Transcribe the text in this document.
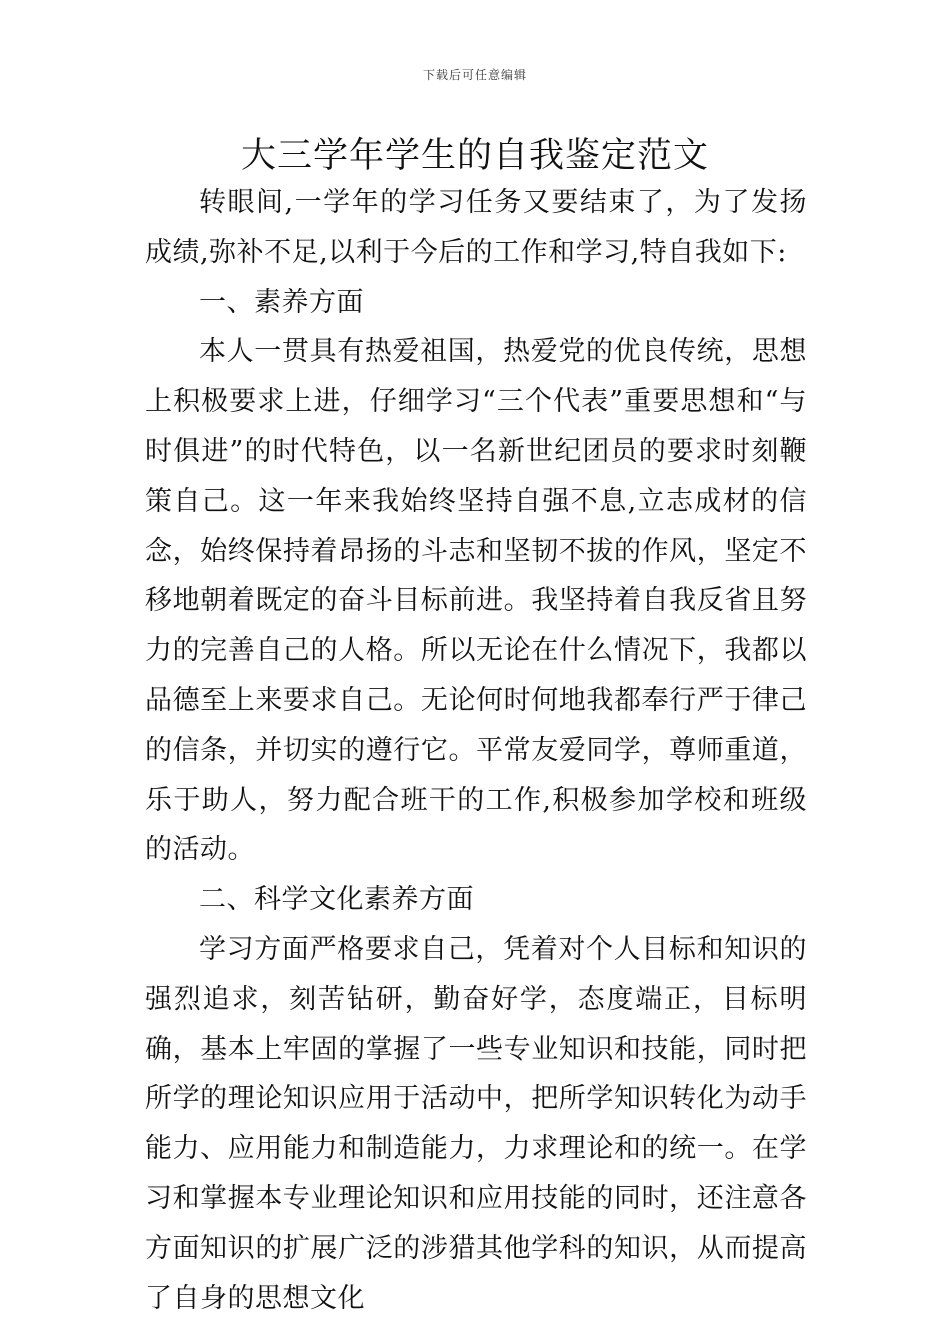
下载后可任意编辑
大三学年学生的自我鉴定范文

转眼间,一学年的学习任务又要结束了，为了发扬成绩,弥补不足,以利于今后的工作和学习,特自我如下:

一、素养方面

本人一贯具有热爱祖国，热爱党的优良传统，思想上积极要求上进，仔细学习“三个代表”重要思想和“与时俱进”的时代特色，以一名新世纪团员的要求时刻鞭策自己。这一年来我始终坚持自强不息,立志成材的信念，始终保持着昂扬的斗志和坚韧不拔的作风，坚定不移地朝着既定的奋斗目标前进。我坚持着自我反省且努力的完善自己的人格。所以无论在什么情况下，我都以品德至上来要求自己。无论何时何地我都奉行严于律己的信条，并切实的遵行它。平常友爱同学，尊师重道，乐于助人，努力配合班干的工作,积极参加学校和班级的活动。

二、科学文化素养方面

学习方面严格要求自己，凭着对个人目标和知识的强烈追求，刻苦钻研，勤奋好学，态度端正，目标明确，基本上牢固的掌握了一些专业知识和技能，同时把所学的理论知识应用于活动中，把所学知识转化为动手能力、应用能力和制造能力，力求理论和的统一。在学习和掌握本专业理论知识和应用技能的同时，还注意各方面知识的扩展广泛的涉猎其他学科的知识，从而提高了自身的思想文化
